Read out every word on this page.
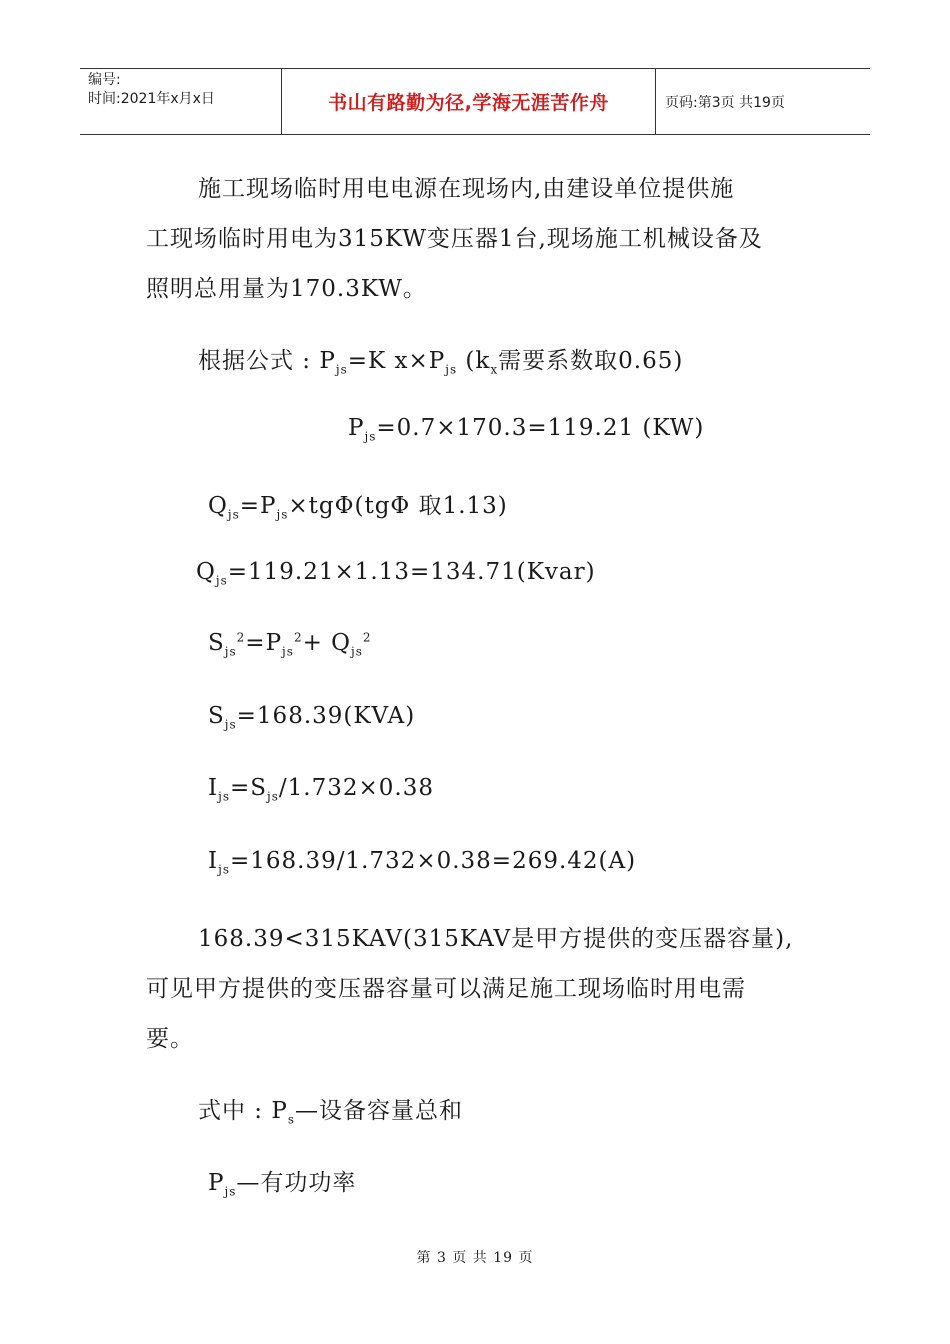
编号:
时间:2021年x月x日	书山有路勤为径,学海无涯苦作舟	页码:第3页 共19页
施工现场临时用电电源在现场内,由建设单位提供施
工现场临时用电为315KW变压器1台,现场施工机械设备及
照明总用量为170.3KW。
根据公式 : $P_{js}=K$ $x\times P_{js}$ ($k_x$需要系数取0.65)
$P_{js}=0.7\times 170.3=119.21$ (KW)
$Q_{js}=P_{js}\times tg\Phi(tg\Phi$ 取1.13)
$Q_{js}=119.21\times 1.13=134.71(Kvar)$
$S_{js}^2=P_{js}^2+ Q_{js}^2$
$S_{js}=168.39(KVA)$
$I_{js}=S_{js}/1.732\times 0.38$
$I_{js}=168.39/1.732\times 0.38=269.42(A)$
168.39<315KAV(315KAV是甲方提供的变压器容量),
可见甲方提供的变压器容量可以满足施工现场临时用电需
要。
式中 : $P_s—$设备容量总和
$P_{js}—$有功功率
第 3 页 共 19 页
